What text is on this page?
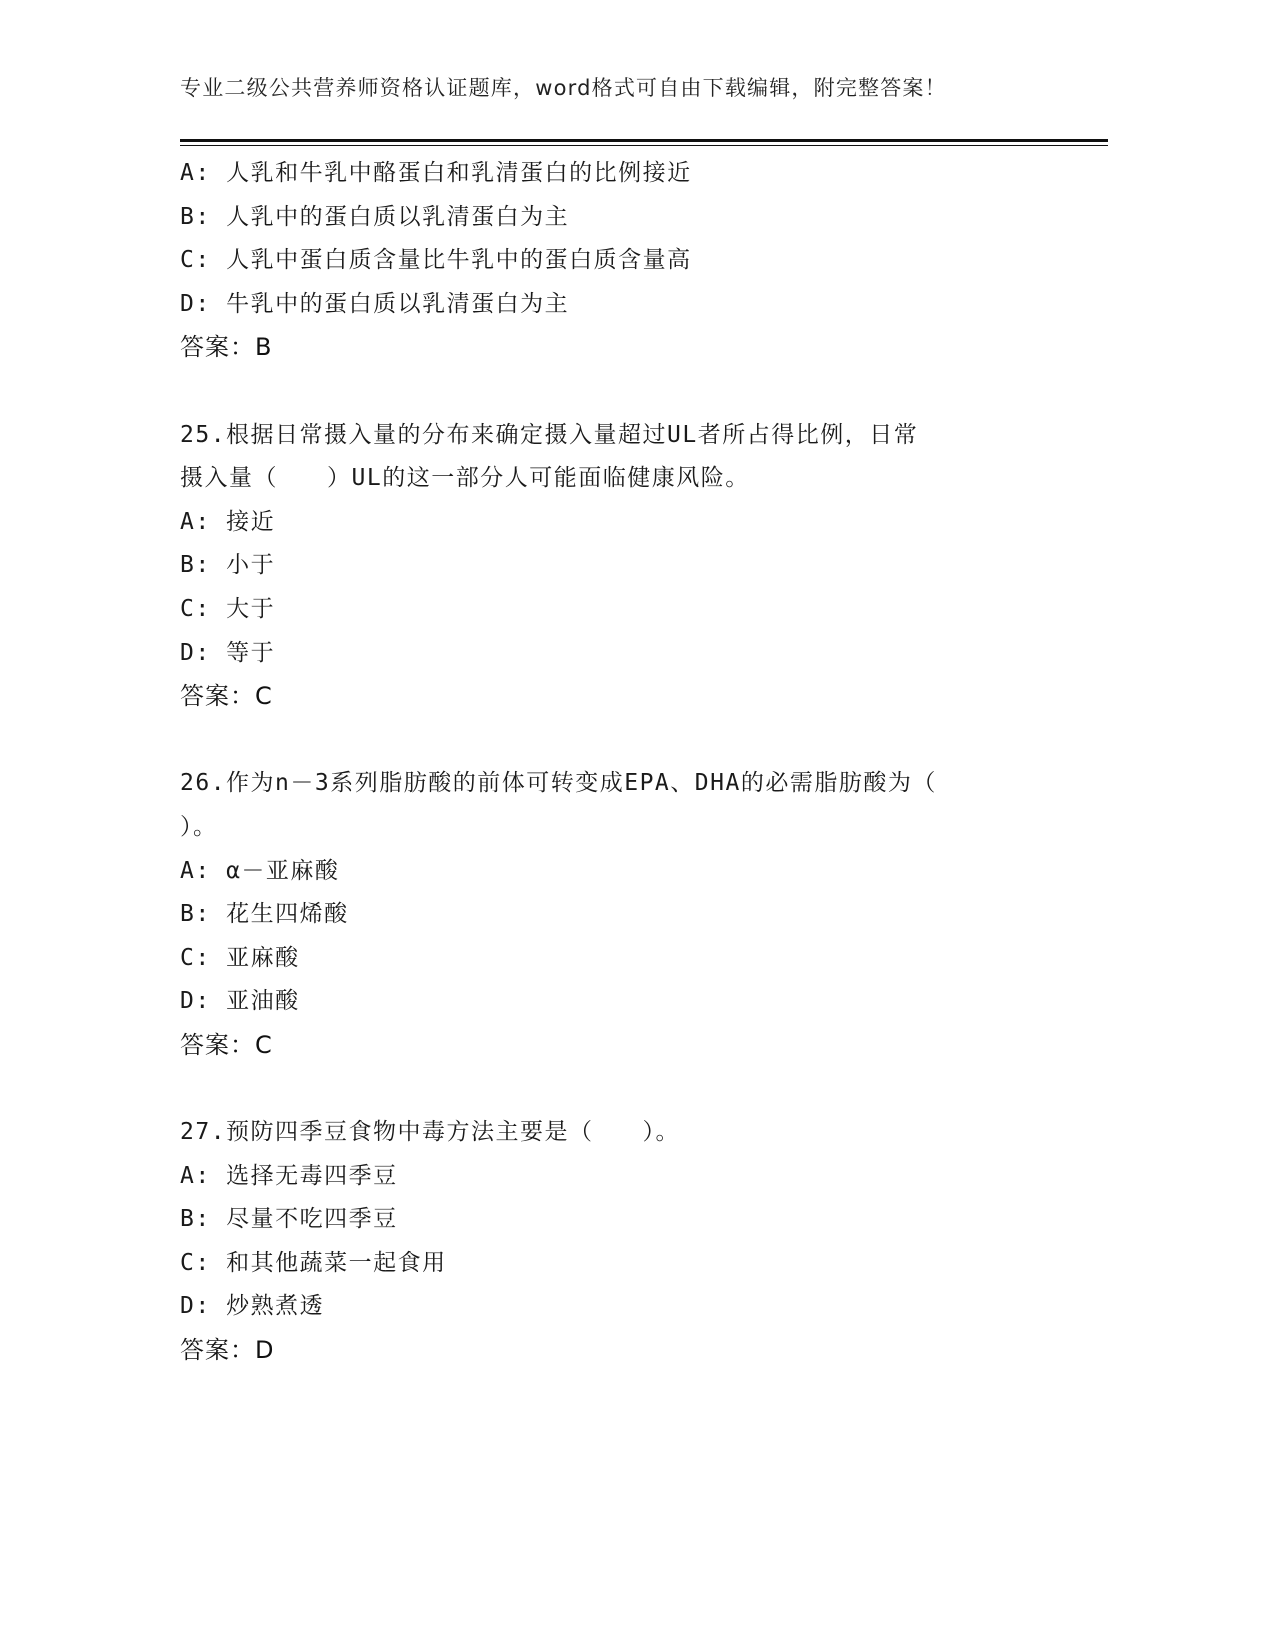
专业二级公共营养师资格认证题库，word格式可自由下载编辑，附完整答案！
A:  人乳和牛乳中酪蛋白和乳清蛋白的比例接近
B:  人乳中的蛋白质以乳清蛋白为主
C:  人乳中蛋白质含量比牛乳中的蛋白质含量高
D:  牛乳中的蛋白质以乳清蛋白为主
答案：B
25.根据日常摄入量的分布来确定摄入量超过UL者所占得比例，日常
摄入量（　　）UL的这一部分人可能面临健康风险。
A:  接近
B:  小于
C:  大于
D:  等于
答案：C
26.作为n－3系列脂肪酸的前体可转变成EPA、DHA的必需脂肪酸为（
）。
A:  α－亚麻酸
B:  花生四烯酸
C:  亚麻酸
D:  亚油酸
答案：C
27.预防四季豆食物中毒方法主要是（　　）。
A:  选择无毒四季豆
B:  尽量不吃四季豆
C:  和其他蔬菜一起食用
D:  炒熟煮透
答案：D
